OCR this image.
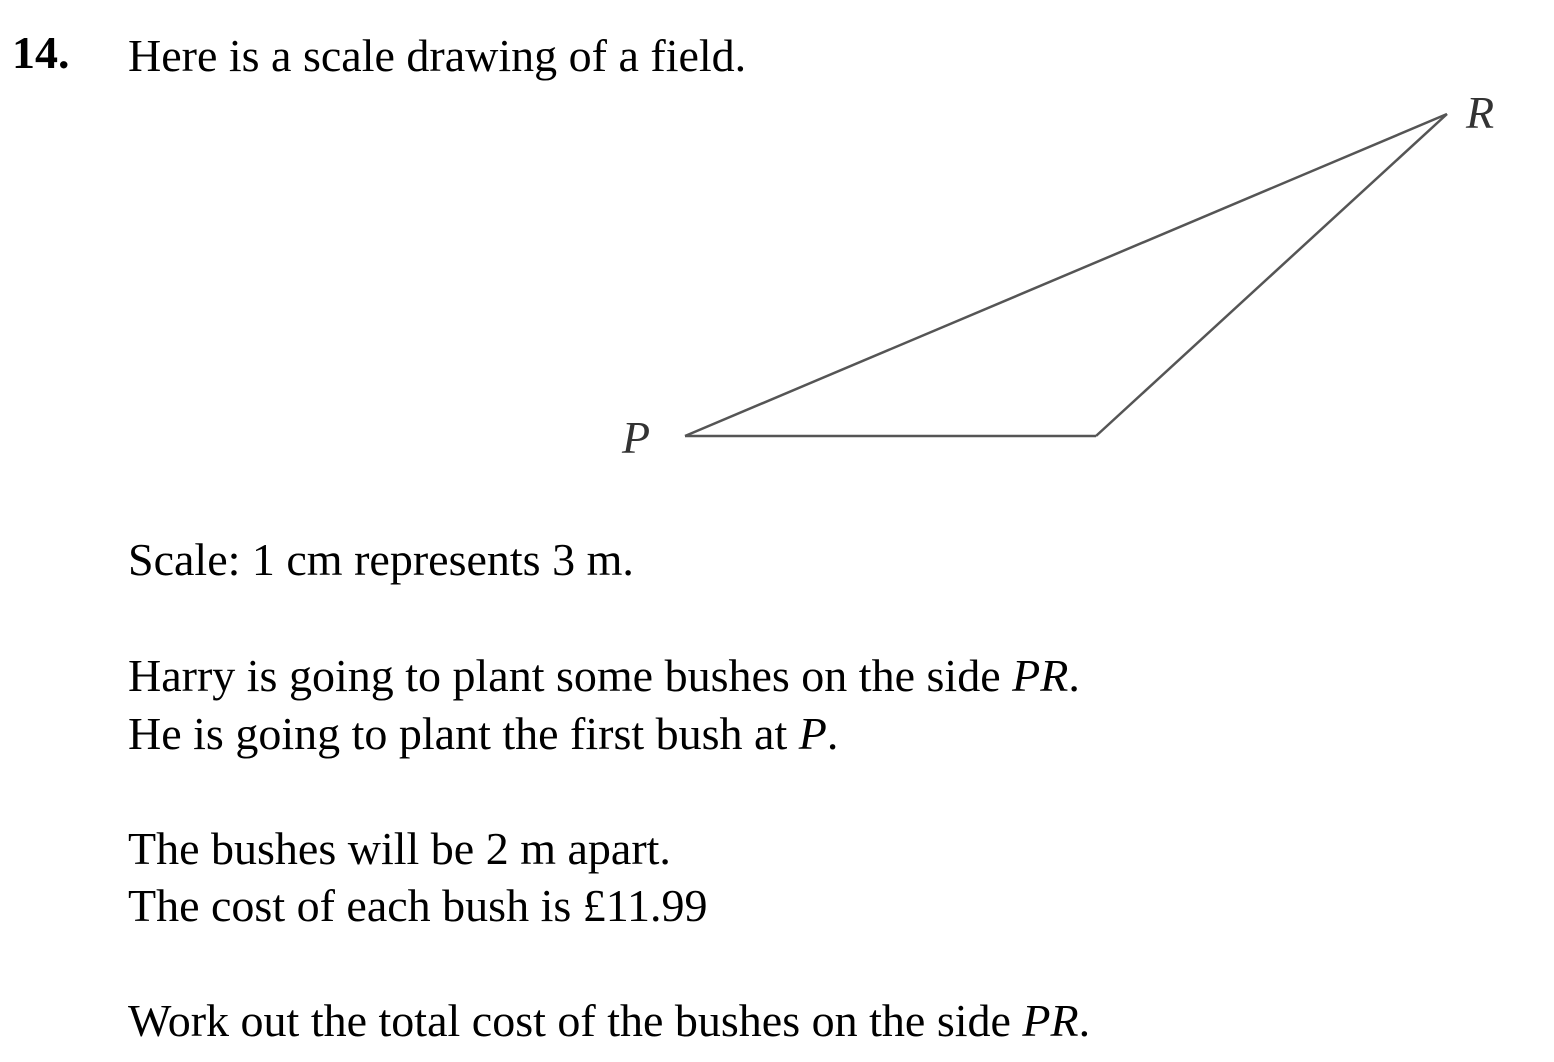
14. Here is a scale drawing of a field.
P
R
Scale: 1 cm represents 3 m.
Harry is going to plant some bushes on the side PR.
He is going to plant the first bush at P.
The bushes will be 2 m apart.
The cost of each bush is £11.99
Work out the total cost of the bushes on the side PR.
